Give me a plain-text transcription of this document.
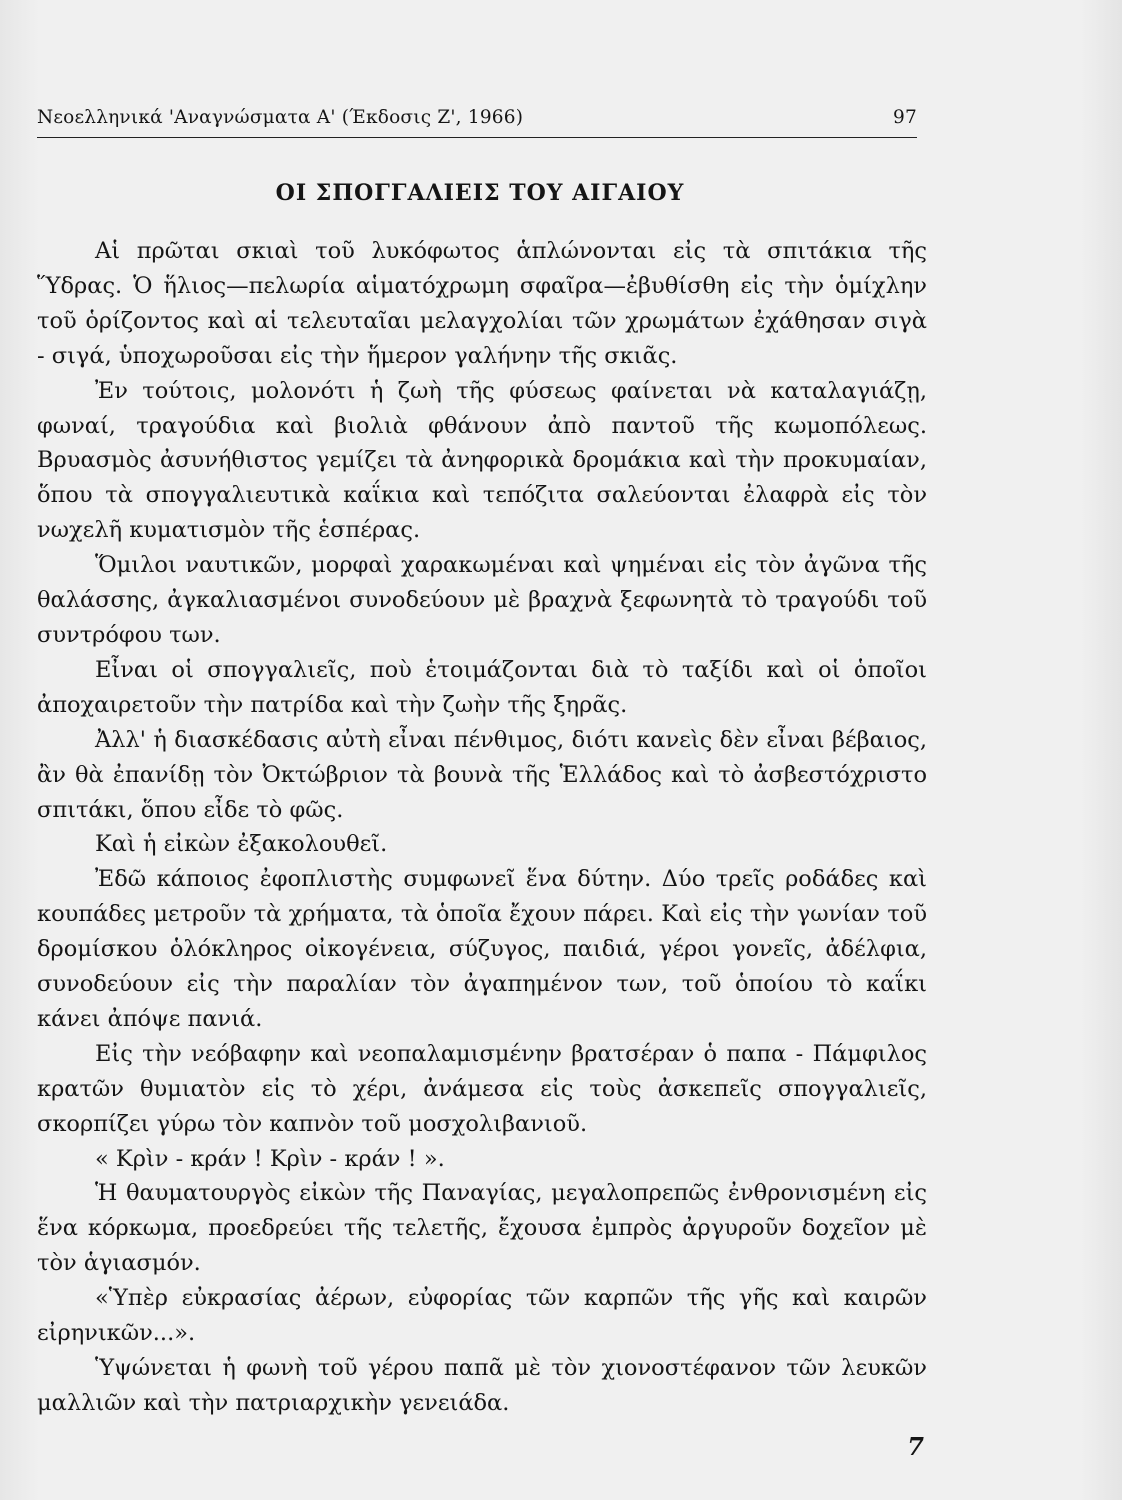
Νεοελληνικά 'Αναγνώσματα Α' (Έκδοσις Ζ', 1966)	97
ΟΙ ΣΠΟΓΓΑΛΙΕΙΣ ΤΟΥ ΑΙΓΑΙΟΥ

Αἱ πρῶται σκιαὶ τοῦ λυκόφωτος ἁπλώνονται εἰς τὰ σπιτάκια τῆς Ὕδρας. Ὁ ἥλιος—πελωρία αἱματόχρωμη σφαῖρα—ἐβυθίσθη εἰς τὴν ὁμίχλην τοῦ ὁρίζοντος καὶ αἱ τελευταῖαι μελαγχολίαι τῶν χρωμάτων ἐχάθησαν σιγὰ - σιγά, ὑποχωροῦσαι εἰς τὴν ἥμερον γαλήνην τῆς σκιᾶς.

Ἐν τούτοις, μολονότι ἡ ζωὴ τῆς φύσεως φαίνεται νὰ καταλαγιάζῃ, φωναί, τραγούδια καὶ βιολιὰ φθάνουν ἀπὸ παντοῦ τῆς κωμοπόλεως. Βρυασμὸς ἀσυνήθιστος γεμίζει τὰ ἀνηφορικὰ δρομάκια καὶ τὴν προκυμαίαν, ὅπου τὰ σπογγαλιευτικὰ καΐκια καὶ τεπόζιτα σαλεύονται ἐλαφρὰ εἰς τὸν νωχελῆ κυματισμὸν τῆς ἑσπέρας.

Ὅμιλοι ναυτικῶν, μορφαὶ χαρακωμέναι καὶ ψημέναι εἰς τὸν ἀγῶνα τῆς θαλάσσης, ἀγκαλιασμένοι συνοδεύουν μὲ βραχνὰ ξεφωνητὰ τὸ τραγούδι τοῦ συντρόφου των.

Εἶναι οἱ σπογγαλιεῖς, ποὺ ἑτοιμάζονται διὰ τὸ ταξίδι καὶ οἱ ὁποῖοι ἀποχαιρετοῦν τὴν πατρίδα καὶ τὴν ζωὴν τῆς ξηρᾶς.

Ἀλλ' ἡ διασκέδασις αὐτὴ εἶναι πένθιμος, διότι κανεὶς δὲν εἶναι βέβαιος, ἂν θὰ ἐπανίδῃ τὸν Ὀκτώβριον τὰ βουνὰ τῆς Ἑλλάδος καὶ τὸ ἀσβεστόχριστο σπιτάκι, ὅπου εἶδε τὸ φῶς.

Καὶ ἡ εἰκὼν ἐξακολουθεῖ.

Ἐδῶ κάποιος ἐφοπλιστὴς συμφωνεῖ ἕνα δύτην. Δύο τρεῖς ροδάδες καὶ κουπάδες μετροῦν τὰ χρήματα, τὰ ὁποῖα ἔχουν πάρει. Καὶ εἰς τὴν γωνίαν τοῦ δρομίσκου ὁλόκληρος οἰκογένεια, σύζυγος, παιδιά, γέροι γονεῖς, ἀδέλφια, συνοδεύουν εἰς τὴν παραλίαν τὸν ἀγαπημένον των, τοῦ ὁποίου τὸ καΐκι κάνει ἀπόψε πανιά.

Εἰς τὴν νεόβαφην καὶ νεοπαλαμισμένην βρατσέραν ὁ παπα - Πάμφιλος κρατῶν θυμιατὸν εἰς τὸ χέρι, ἀνάμεσα εἰς τοὺς ἀσκεπεῖς σπογγαλιεῖς, σκορπίζει γύρω τὸν καπνὸν τοῦ μοσχολιβανιοῦ.

« Κρὶν - κράν ! Κρὶν - κράν ! ».

Ἡ θαυματουργὸς εἰκὼν τῆς Παναγίας, μεγαλοπρεπῶς ἐνθρονισμένη εἰς ἕνα κόρκωμα, προεδρεύει τῆς τελετῆς, ἔχουσα ἐμπρὸς ἀργυροῦν δοχεῖον μὲ τὸν ἁγιασμόν.

«Ὑπὲρ εὐκρασίας ἀέρων, εὐφορίας τῶν καρπῶν τῆς γῆς καὶ καιρῶν εἰρηνικῶν...».

Ὑψώνεται ἡ φωνὴ τοῦ γέρου παπᾶ μὲ τὸν χιονοστέφανον τῶν λευκῶν μαλλιῶν καὶ τὴν πατριαρχικὴν γενειάδα.

7
